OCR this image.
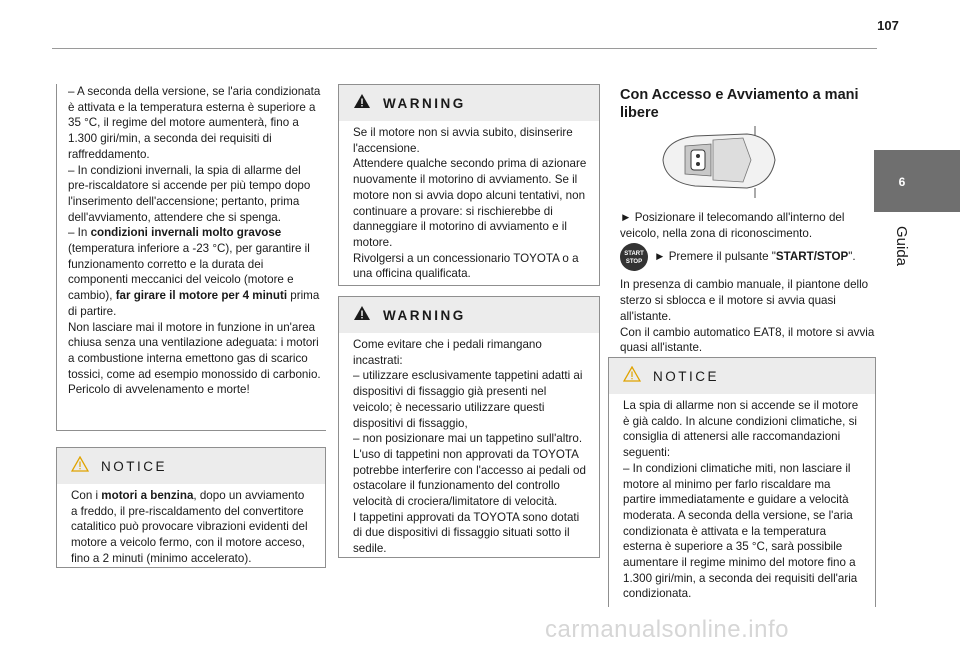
107
6
Guida

– A seconda della versione, se l'aria condizionata è attivata e la temperatura esterna è superiore a 35 °C, il regime del motore aumenterà, fino a 1.300 giri/min, a seconda dei requisiti di raffreddamento.

– In condizioni invernali, la spia di allarme del pre-riscaldatore si accende per più tempo dopo l'inserimento dell'accensione; pertanto, prima dell'avviamento, attendere che si spenga.

– In condizioni invernali molto gravose (temperatura inferiore a -23 °C), per garantire il funzionamento corretto e la durata dei componenti meccanici del veicolo (motore e cambio), far girare il motore per 4 minuti prima di partire.

Non lasciare mai il motore in funzione in un'area chiusa senza una ventilazione adeguata: i motori a combustione interna emettono gas di scarico tossici, come ad esempio monossido di carbonio. Pericolo di avvelenamento e morte!

NOTICE

Con i motori a benzina, dopo un avviamento a freddo, il pre-riscaldamento del convertitore catalitico può provocare vibrazioni evidenti del motore a veicolo fermo, con il motore acceso, fino a 2 minuti (minimo accelerato).

WARNING

Se il motore non si avvia subito, disinserire l'accensione.

Attendere qualche secondo prima di azionare nuovamente il motorino di avviamento. Se il motore non si avvia dopo alcuni tentativi, non continuare a provare: si rischierebbe di danneggiare il motorino di avviamento e il motore.

Rivolgersi a un concessionario TOYOTA o a una officina qualificata.

WARNING

Come evitare che i pedali rimangano incastrati:

– utilizzare esclusivamente tappetini adatti ai dispositivi di fissaggio già presenti nel veicolo; è necessario utilizzare questi dispositivi di fissaggio,

– non posizionare mai un tappetino sull'altro.

L'uso di tappetini non approvati da TOYOTA potrebbe interferire con l'accesso ai pedali od ostacolare il funzionamento del controllo velocità di crociera/limitatore di velocità.

I tappetini approvati da TOYOTA sono dotati di due dispositivi di fissaggio situati sotto il sedile.

Con Accesso e Avviamento a mani libere

► Posizionare il telecomando all'interno del veicolo, nella zona di riconoscimento.

START
STOP ► Premere il pulsante "START/STOP".

In presenza di cambio manuale, il piantone dello sterzo si sblocca e il motore si avvia quasi all'istante.

Con il cambio automatico EAT8, il motore si avvia quasi all'istante.

NOTICE

La spia di allarme non si accende se il motore è già caldo. In alcune condizioni climatiche, si consiglia di attenersi alle raccomandazioni seguenti:

– In condizioni climatiche miti, non lasciare il motore al minimo per farlo riscaldare ma partire immediatamente e guidare a velocità moderata. A seconda della versione, se l'aria condizionata è attivata e la temperatura esterna è superiore a 35 °C, sarà possibile aumentare il regime minimo del motore fino a 1.300 giri/min, a seconda dei requisiti dell'aria condizionata.

carmanualsonline.info
